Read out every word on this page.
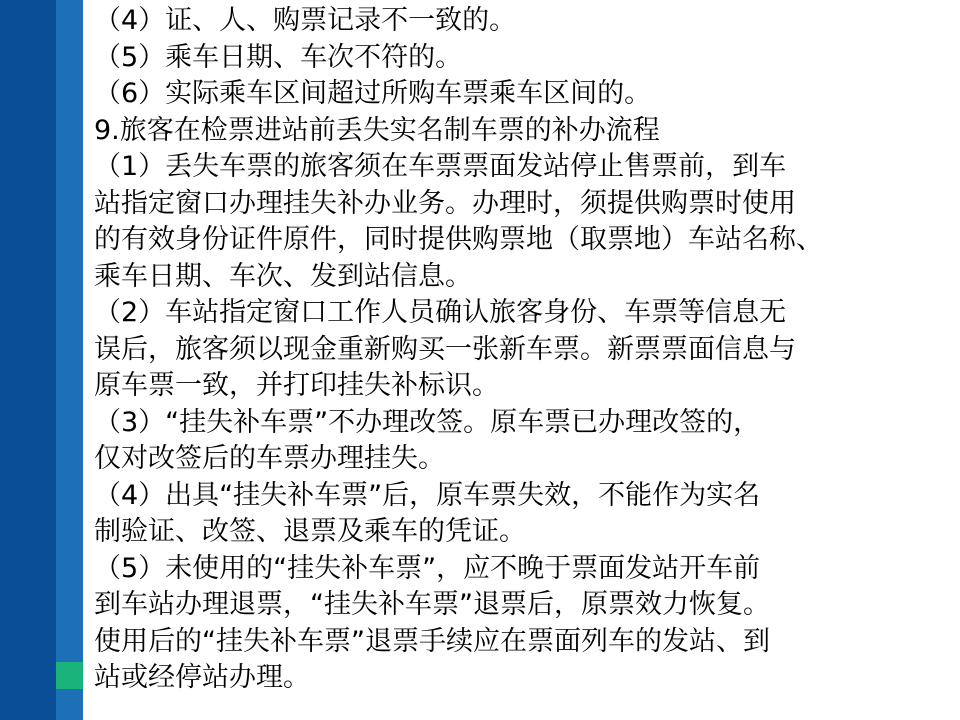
（4）证、人、购票记录不一致的。
（5）乘车日期、车次不符的。
（6）实际乘车区间超过所购车票乘车区间的。
9.旅客在检票进站前丢失实名制车票的补办流程
（1）丢失车票的旅客须在车票票面发站停止售票前，到车
站指定窗口办理挂失补办业务。办理时，须提供购票时使用
的有效身份证件原件，同时提供购票地（取票地）车站名称、
乘车日期、车次、发到站信息。
（2）车站指定窗口工作人员确认旅客身份、车票等信息无
误后，旅客须以现金重新购买一张新车票。新票票面信息与
原车票一致，并打印挂失补标识。
（3）“挂失补车票”不办理改签。原车票已办理改签的，
仅对改签后的车票办理挂失。
（4）出具“挂失补车票”后，原车票失效，不能作为实名
制验证、改签、退票及乘车的凭证。
（5）未使用的“挂失补车票”，应不晚于票面发站开车前
到车站办理退票，“挂失补车票”退票后，原票效力恢复。
使用后的“挂失补车票”退票手续应在票面列车的发站、到
站或经停站办理。
